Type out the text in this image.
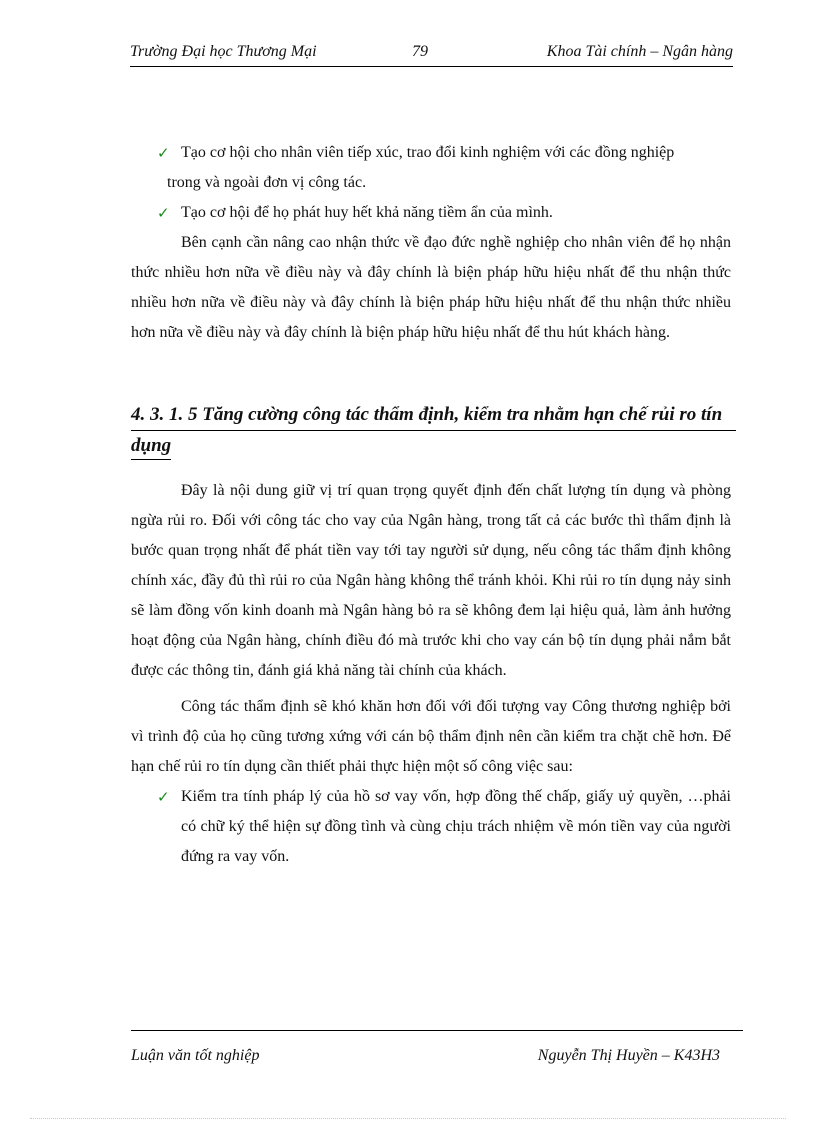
Trường Đại học Thương Mại	79	Khoa Tài chính – Ngân hàng

✓ Tạo cơ hội cho nhân viên tiếp xúc, trao đổi kinh nghiệm với các đồng nghiệp
trong và ngoài đơn vị công tác.

✓ Tạo cơ hội để họ phát huy hết khả năng tiềm ẩn của mình.

Bên cạnh cần nâng cao nhận thức về đạo đức nghề nghiệp cho nhân viên để họ nhận thức nhiều hơn nữa về điều này và đây chính là biện pháp hữu hiệu nhất để thu nhận thức nhiều hơn nữa về điều này và đây chính là biện pháp hữu hiệu nhất để thu nhận thức nhiều hơn nữa về điều này và đây chính là biện pháp hữu hiệu nhất để thu hút khách hàng.

4. 3. 1. 5 Tăng cường công tác thẩm định, kiểm tra nhằm hạn chế rủi ro tín
dụng

Đây là nội dung giữ vị trí quan trọng quyết định đến chất lượng tín dụng và phòng ngừa rủi ro. Đối với công tác cho vay của Ngân hàng, trong tất cả các bước thì thẩm định là bước quan trọng nhất để phát tiền vay tới tay người sử dụng, nếu công tác thẩm định không chính xác, đầy đủ thì rủi ro của Ngân hàng không thể tránh khỏi. Khi rủi ro tín dụng nảy sinh sẽ làm đồng vốn kinh doanh mà Ngân hàng bỏ ra sẽ không đem lại hiệu quả, làm ảnh hưởng hoạt động của Ngân hàng, chính điều đó mà trước khi cho vay cán bộ tín dụng phải nắm bắt được các thông tin, đánh giá khả năng tài chính của khách.

Công tác thẩm định sẽ khó khăn hơn đối với đối tượng vay Công thương nghiệp bởi vì trình độ của họ cũng tương xứng với cán bộ thẩm định nên cần kiểm tra chặt chẽ hơn. Để hạn chế rủi ro tín dụng cần thiết phải thực hiện một số công việc sau:

✓ Kiểm tra tính pháp lý của hồ sơ vay vốn, hợp đồng thế chấp, giấy uỷ quyền, …phải có chữ ký thể hiện sự đồng tình và cùng chịu trách nhiệm về món tiền vay của người đứng ra vay vốn.

Luận văn tốt nghiệp	Nguyễn Thị Huyền – K43H3
